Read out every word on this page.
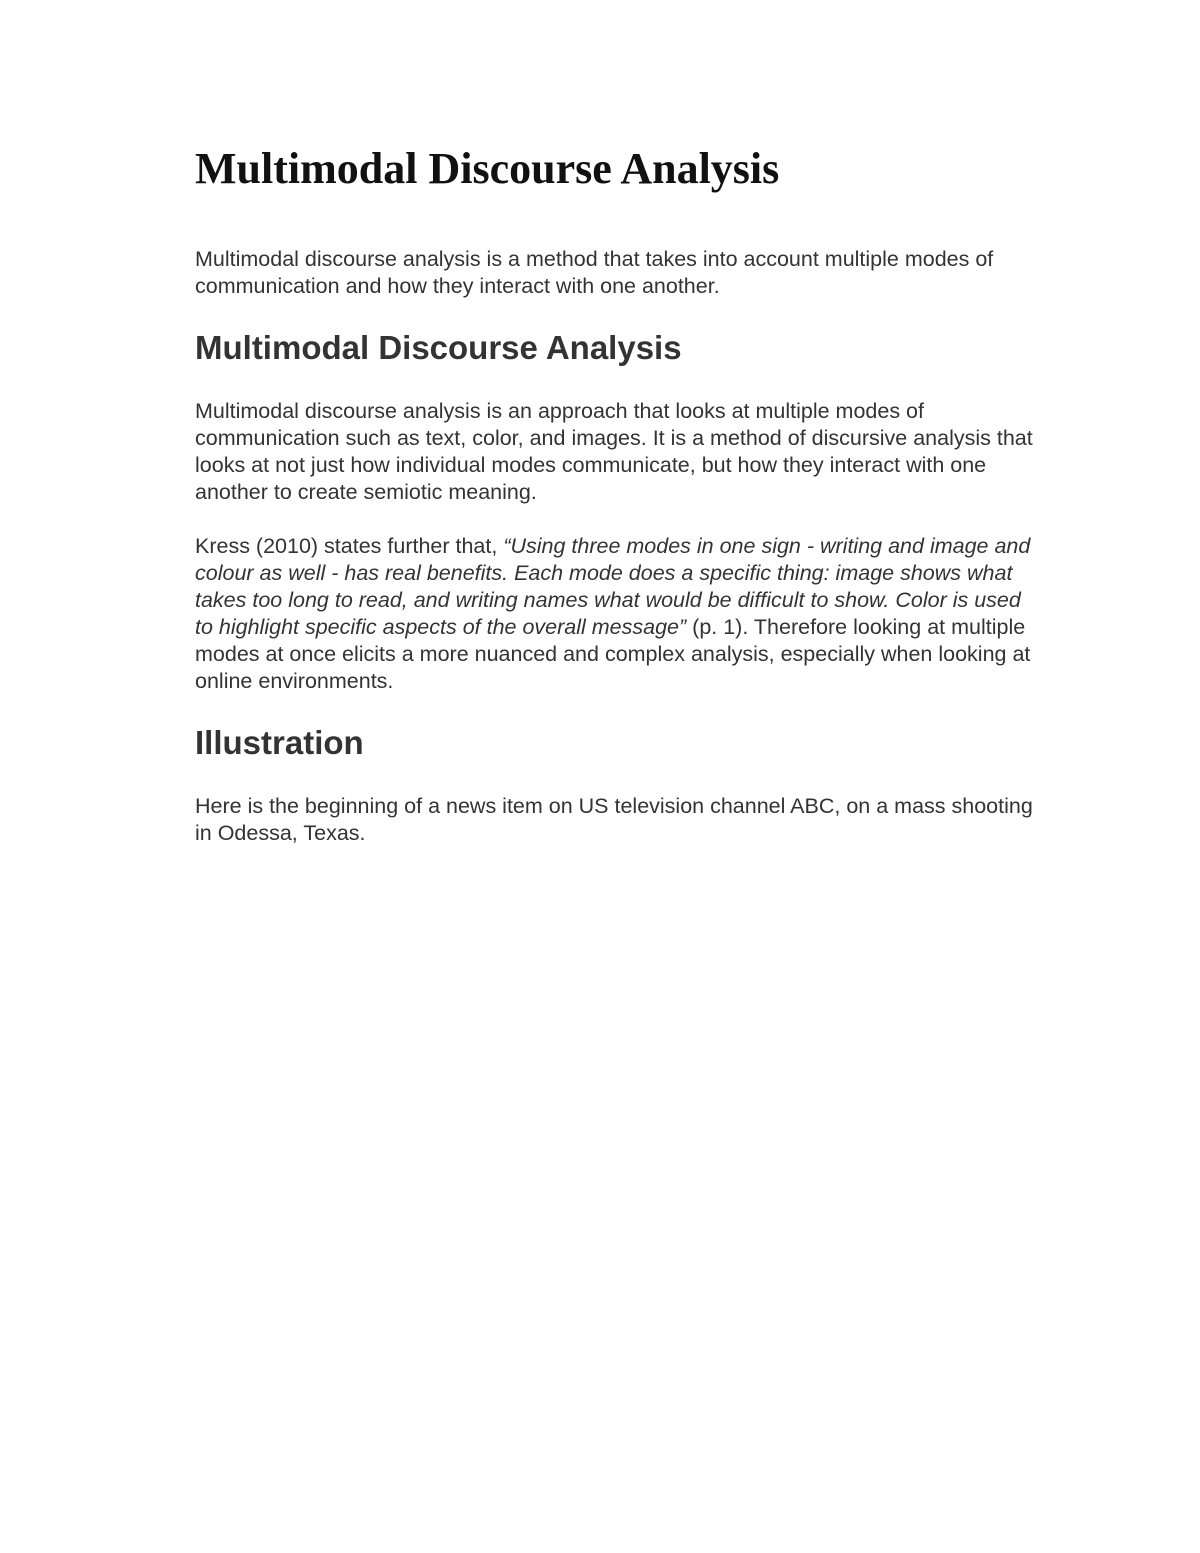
Multimodal Discourse Analysis

Multimodal discourse analysis is a method that takes into account multiple modes of communication and how they interact with one another.

Multimodal Discourse Analysis

Multimodal discourse analysis is an approach that looks at multiple modes of communication such as text, color, and images. It is a method of discursive analysis that looks at not just how individual modes communicate, but how they interact with one another to create semiotic meaning.

Kress (2010) states further that, “Using three modes in one sign - writing and image and colour as well - has real benefits. Each mode does a specific thing: image shows what takes too long to read, and writing names what would be difficult to show. Color is used to highlight specific aspects of the overall message” (p. 1). Therefore looking at multiple modes at once elicits a more nuanced and complex analysis, especially when looking at online environments.

Illustration

Here is the beginning of a news item on US television channel ABC, on a mass shooting in Odessa, Texas.
